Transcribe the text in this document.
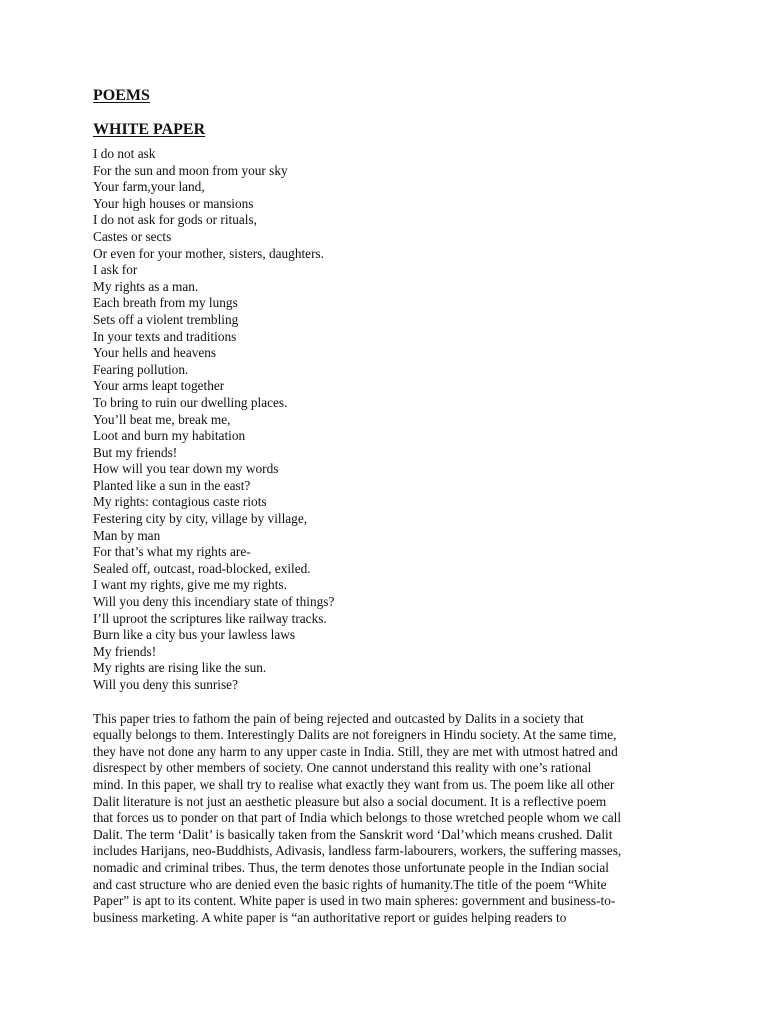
POEMS
WHITE PAPER
I do not ask
For the sun and moon from your sky
Your farm,your land,
Your high houses or mansions
I do not ask for gods or rituals,
Castes or sects
Or even for your mother, sisters, daughters.
I ask for
My rights as a man.
Each breath from my lungs
Sets off a violent trembling
In your texts and traditions
Your hells and heavens
Fearing pollution.
Your arms leapt together
To bring to ruin our dwelling places.
You’ll beat me, break me,
Loot and burn my habitation
But my friends!
How will you tear down my words
Planted like a sun in the east?
My rights: contagious caste riots
Festering city by city, village by village,
Man by man
For that’s what my rights are-
Sealed off, outcast, road-blocked, exiled.
I want my rights, give me my rights.
Will you deny this incendiary state of things?
I’ll uproot the scriptures like railway tracks.
Burn like a city bus your lawless laws
My friends!
My rights are rising like the sun.
Will you deny this sunrise?
This paper tries to fathom the pain of being rejected and outcasted by Dalits in a society that
equally belongs to them. Interestingly Dalits are not foreigners in Hindu society. At the same time,
they have not done any harm to any upper caste in India. Still, they are met with utmost hatred and
disrespect by other members of society. One cannot understand this reality with one’s rational
mind. In this paper, we shall try to realise what exactly they want from us. The poem like all other
Dalit literature is not just an aesthetic pleasure but also a social document. It is a reflective poem
that forces us to ponder on that part of India which belongs to those wretched people whom we call
Dalit. The term ‘Dalit’ is basically taken from the Sanskrit word ‘Dal’which means crushed. Dalit
includes Harijans, neo-Buddhists, Adivasis, landless farm-labourers, workers, the suffering masses,
nomadic and criminal tribes. Thus, the term denotes those unfortunate people in the Indian social
and cast structure who are denied even the basic rights of humanity.The title of the poem “White
Paper” is apt to its content. White paper is used in two main spheres: government and business-to-
business marketing. A white paper is “an authoritative report or guides helping readers to
